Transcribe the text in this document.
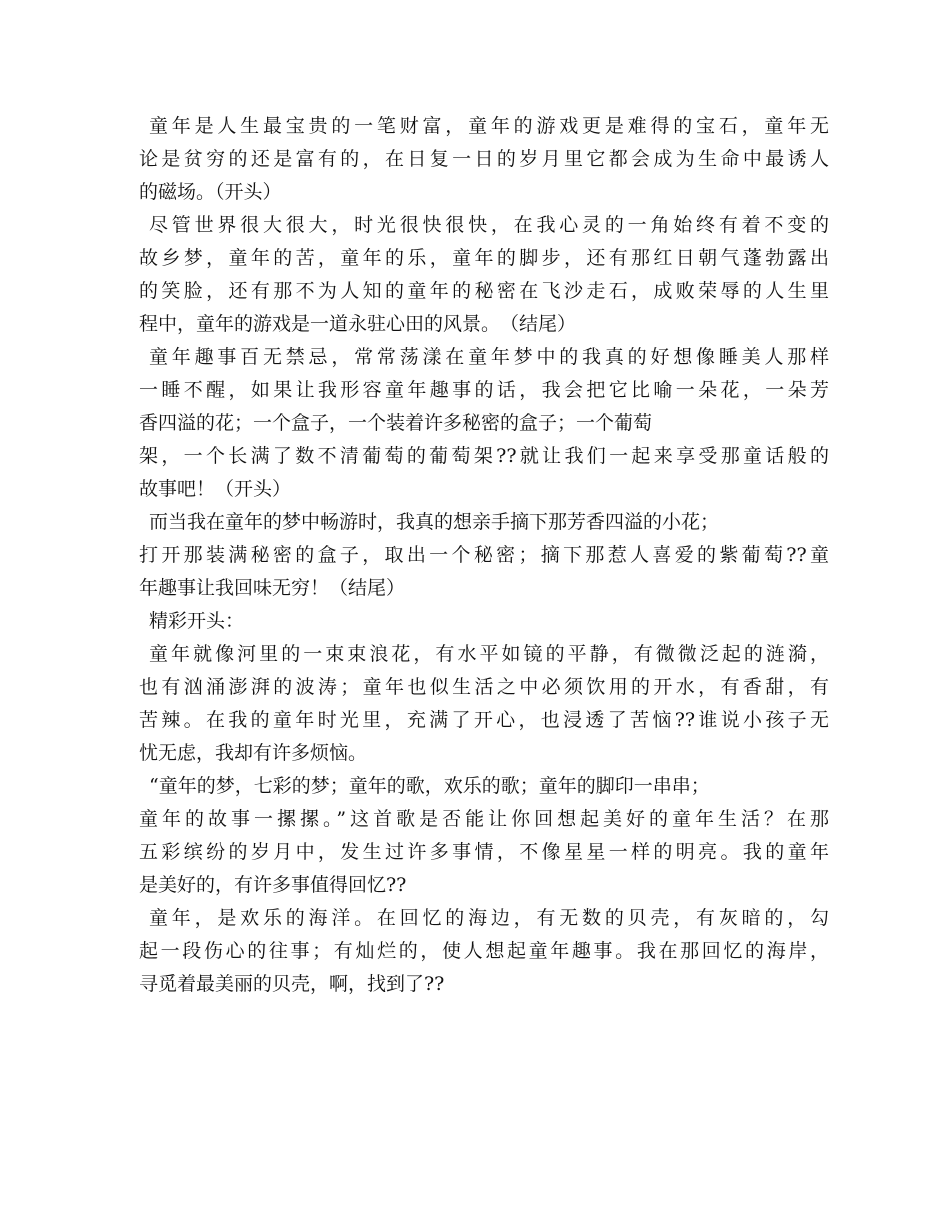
童年是人生最宝贵的一笔财富，童年的游戏更是难得的宝石，童年无
论是贫穷的还是富有的，在日复一日的岁月里它都会成为生命中最诱人
的磁场。（开头）
尽管世界很大很大，时光很快很快，在我心灵的一角始终有着不变的
故乡梦，童年的苦，童年的乐，童年的脚步，还有那红日朝气蓬勃露出
的笑脸，还有那不为人知的童年的秘密在飞沙走石，成败荣辱的人生里
程中，童年的游戏是一道永驻心田的风景。　（结尾）
童年趣事百无禁忌，常常荡漾在童年梦中的我真的好想像睡美人那样
一睡不醒，如果让我形容童年趣事的话，我会把它比喻一朵花，一朵芳
香四溢的花；一个盒子，一个装着许多秘密的盒子；一个葡萄
架，一个长满了数不清葡萄的葡萄架??就让我们一起来享受那童话般的
故事吧！（开头）
而当我在童年的梦中畅游时，我真的想亲手摘下那芳香四溢的小花；
打开那装满秘密的盒子，取出一个秘密；摘下那惹人喜爱的紫葡萄??童
年趣事让我回味无穷！（结尾）
精彩开头：
童年就像河里的一束束浪花，有水平如镜的平静，有微微泛起的涟漪，
也有汹涌澎湃的波涛；童年也似生活之中必须饮用的开水，有香甜，有
苦辣。在我的童年时光里，充满了开心，也浸透了苦恼??谁说小孩子无
忧无虑，我却有许多烦恼。
“童年的梦，七彩的梦；童年的歌，欢乐的歌；童年的脚印一串串；
童年的故事一摞摞。”这首歌是否能让你回想起美好的童年生活？在那
五彩缤纷的岁月中，发生过许多事情，不像星星一样的明亮。我的童年
是美好的，有许多事值得回忆??
童年，是欢乐的海洋。在回忆的海边，有无数的贝壳，有灰暗的，勾
起一段伤心的往事；有灿烂的，使人想起童年趣事。我在那回忆的海岸，
寻觅着最美丽的贝壳，啊，找到了??
